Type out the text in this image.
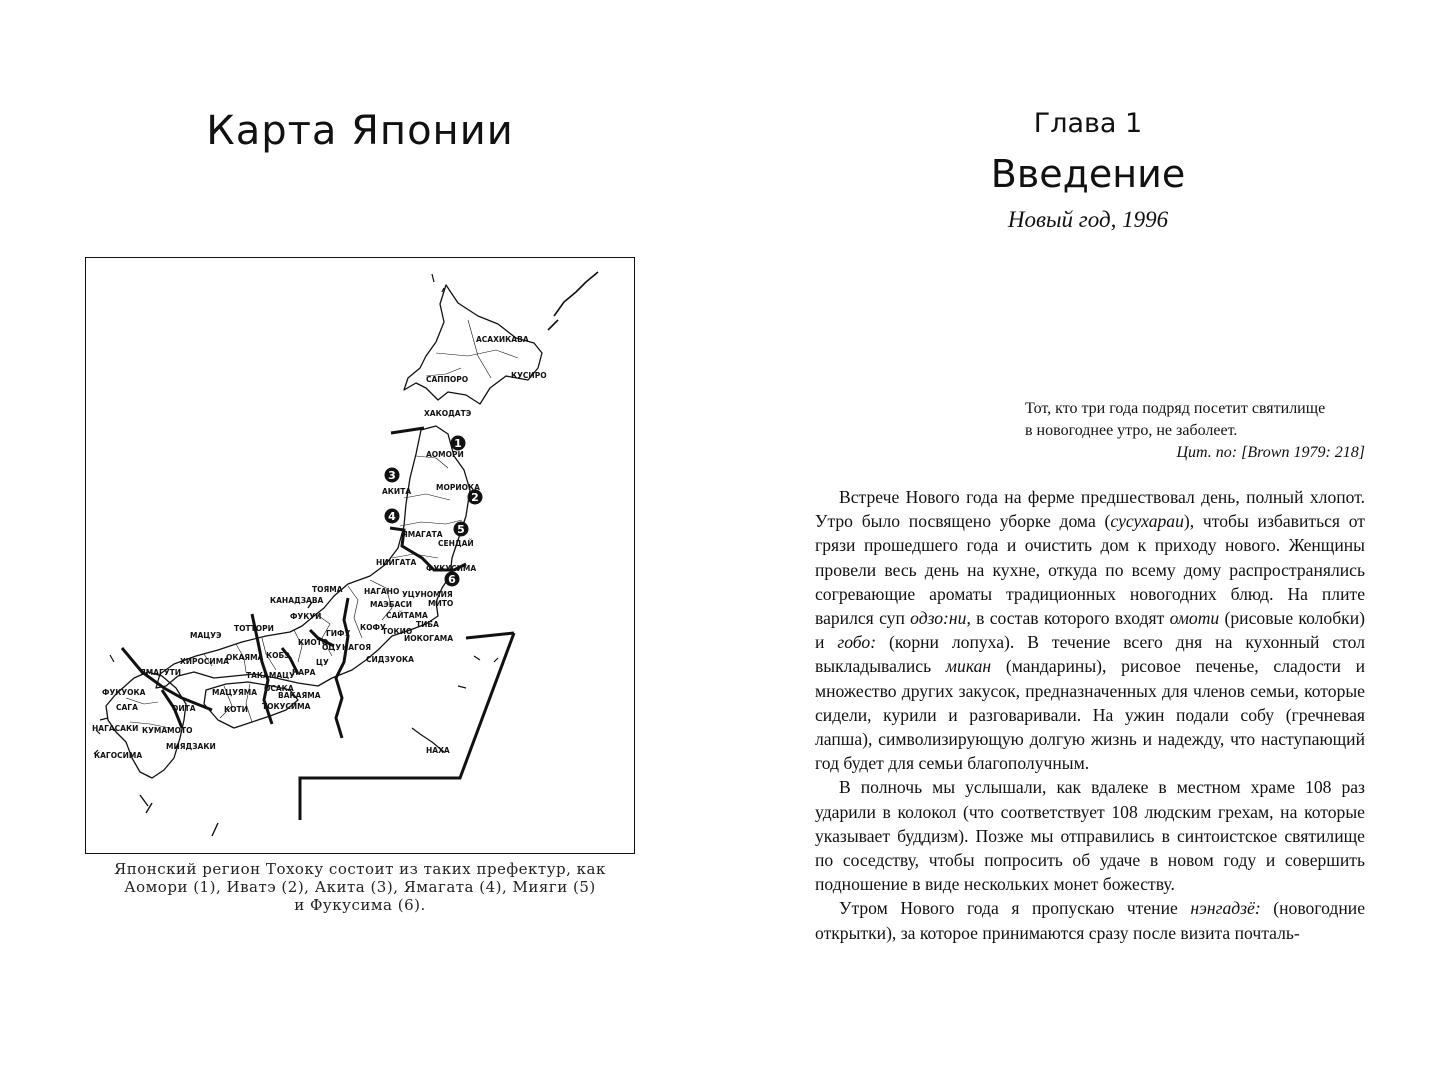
Карта Японии
1
2
3
4
5
6
АСАХИКАВА
САППОРО	КУСИРО
ХАКОДАТЭ
АОМОРИ
АКИТА	МОРИОКА
ЯМАГАТА
СЕНДАЙ
НИИГАТА
ФУКУСИМА
ТОЯМА
КАНАДЗАВА
НАГАНО УЦУНОМИЯ
МАЭБАСИ МИТО
ФУКУИ	САЙТАМА
ТОТТОРИ
ГИФУ
КОФУ	ТИБА
ТОКИО
ИОКОГАМА
МАЦУЭ
КИОТО
ОЦУ НАГОЯ
СИДЗУОКА
ХИРОСИМА
ОКАЯМА КОБЭ
ЦУ
ЯМАГУТИ	ТАКАМАЦУ
НАРА
ОСАКА
ФУКУОКА	МАЦУЯМА	ВАКАЯМА
САГА	ОИТА	КОТИ ТОКУСИМА
НАГАСАКИ КУМАМОТО
МИЯДЗАКИ
КАГОСИМА
НАХА
Японский регион Тохоку состоит из таких префектур, как
Аомори (1), Иватэ (2), Акита (3), Ямагата (4), Мияги (5)
и Фукусима (6).
Глава 1
Введение
Новый год, 1996

Тот, кто три года подряд посетит святилище

в новогоднее утро, не заболеет.

Цит. по: [Brown 1979: 218]

Встрече Нового года на ферме предшествовал день, полный хлопот. Утро было посвящено уборке дома (сусухараи), чтобы избавиться от грязи прошедшего года и очистить дом к приходу нового. Женщины провели весь день на кухне, откуда по всему дому распространялись согревающие ароматы традиционных новогодних блюд. На плите варился суп одзо:ни, в состав которого входят омоти (рисовые колобки) и гобо: (корни лопуха). В течение всего дня на кухонный стол выкладывались микан (мандарины), рисовое печенье, сладости и множество других закусок, предназначенных для членов семьи, которые сидели, курили и разговаривали. На ужин подали собу (гречневая лапша), символизирующую долгую жизнь и надежду, что наступающий год будет для семьи благополучным.

В полночь мы услышали, как вдалеке в местном храме 108 раз ударили в колокол (что соответствует 108 людским грехам, на которые указывает буддизм). Позже мы отправились в синтоистское святилище по соседству, чтобы попросить об удаче в новом году и совершить подношение в виде нескольких монет божеству.

Утром Нового года я пропускаю чтение нэнгадзё: (новогодние открытки), за которое принимаются сразу после визита почталь-
